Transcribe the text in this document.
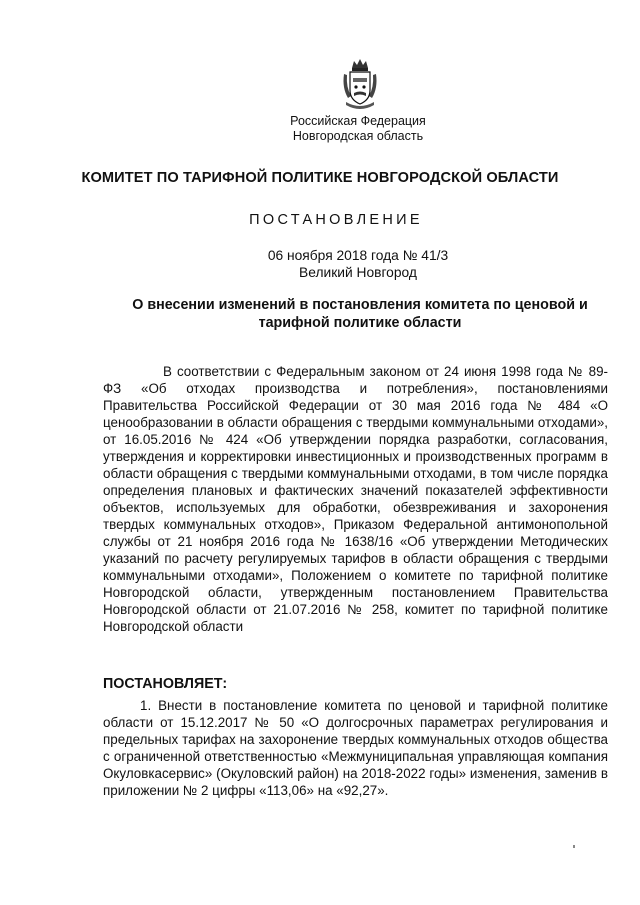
Российская Федерация
Новгородская область
КОМИТЕТ ПО ТАРИФНОЙ ПОЛИТИКЕ НОВГОРОДСКОЙ ОБЛАСТИ
ПОСТАНОВЛЕНИЕ
06 ноября 2018 года № 41/3
Великий Новгород
О внесении изменений в постановления комитета по ценовой и тарифной политике области
В соответствии с Федеральным законом от 24 июня 1998 года № 89-ФЗ «Об отходах производства и потребления», постановлениями Правительства Российской Федерации от 30 мая 2016 года № 484 «О ценообразовании в области обращения с твердыми коммунальными отходами», от 16.05.2016 № 424 «Об утверждении порядка разработки, согласования, утверждения и корректировки инвестиционных и производственных программ в области обращения с твердыми коммунальными отходами, в том числе порядка определения плановых и фактических значений показателей эффективности объектов, используемых для обработки, обезвреживания и захоронения твердых коммунальных отходов», Приказом Федеральной антимонопольной службы от 21 ноября 2016 года № 1638/16 «Об утверждении Методических указаний по расчету регулируемых тарифов в области обращения с твердыми коммунальными отходами», Положением о комитете по тарифной политике Новгородской области, утвержденным постановлением Правительства Новгородской области от 21.07.2016 № 258, комитет по тарифной политике Новгородской области
ПОСТАНОВЛЯЕТ:
1. Внести в постановление комитета по ценовой и тарифной политике области от 15.12.2017 № 50 «О долгосрочных параметрах регулирования и предельных тарифах на захоронение твердых коммунальных отходов общества с ограниченной ответственностью «Межмуниципальная управляющая компания Окуловкасервис» (Окуловский район) на 2018-2022 годы» изменения, заменив в приложении № 2 цифры «113,06» на «92,27».
